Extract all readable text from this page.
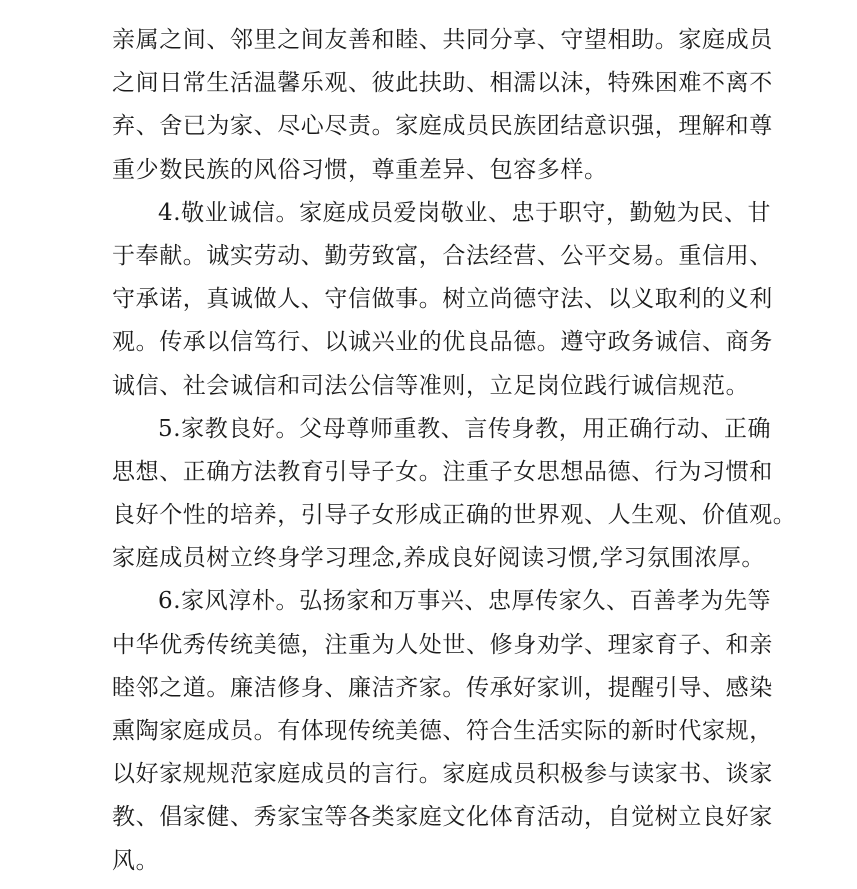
亲属之间、邻里之间友善和睦、共同分享、守望相助。家庭成员
之间日常生活温馨乐观、彼此扶助、相濡以沫，特殊困难不离不
弃、舍已为家、尽心尽责。家庭成员民族团结意识强，理解和尊
重少数民族的风俗习惯，尊重差异、包容多样。
4.敬业诚信。家庭成员爱岗敬业、忠于职守，勤勉为民、甘
于奉献。诚实劳动、勤劳致富，合法经营、公平交易。重信用、
守承诺，真诚做人、守信做事。树立尚德守法、以义取利的义利
观。传承以信笃行、以诚兴业的优良品德。遵守政务诚信、商务
诚信、社会诚信和司法公信等准则，立足岗位践行诚信规范。
5.家教良好。父母尊师重教、言传身教，用正确行动、正确
思想、正确方法教育引导子女。注重子女思想品德、行为习惯和
良好个性的培养，引导子女形成正确的世界观、人生观、价值观。
家庭成员树立终身学习理念,养成良好阅读习惯,学习氛围浓厚。
6.家风淳朴。弘扬家和万事兴、忠厚传家久、百善孝为先等
中华优秀传统美德，注重为人处世、修身劝学、理家育子、和亲
睦邻之道。廉洁修身、廉洁齐家。传承好家训，提醒引导、感染
熏陶家庭成员。有体现传统美德、符合生活实际的新时代家规，
以好家规规范家庭成员的言行。家庭成员积极参与读家书、谈家
教、倡家健、秀家宝等各类家庭文化体育活动，自觉树立良好家
风。
